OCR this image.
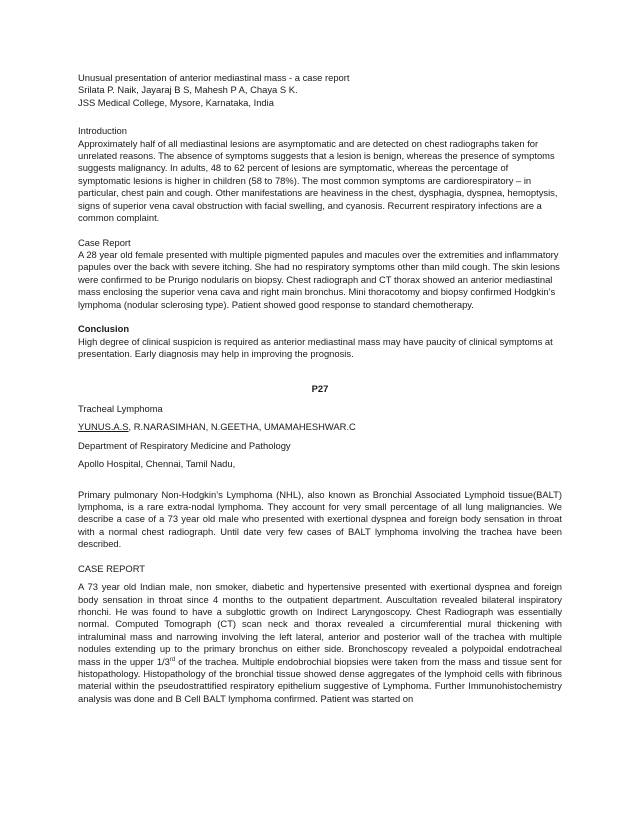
Unusual presentation of anterior mediastinal mass - a case report

Srilata P. Naik, Jayaraj B S, Mahesh P A, Chaya S K.

JSS Medical College, Mysore, Karnataka, India

Introduction

Approximately half of all mediastinal lesions are asymptomatic and are detected on chest radiographs taken for unrelated reasons. The absence of symptoms suggests that a lesion is benign, whereas the presence of symptoms suggests malignancy. In adults, 48 to 62 percent of lesions are symptomatic, whereas the percentage of symptomatic lesions is higher in children (58 to 78%). The most common symptoms are cardiorespiratory – in particular, chest pain and cough. Other manifestations are heaviness in the chest, dysphagia, dyspnea, hemoptysis, signs of superior vena caval obstruction with facial swelling, and cyanosis. Recurrent respiratory infections are a common complaint.

Case Report

A 28 year old female presented with multiple pigmented papules and macules over the extremities and inflammatory papules over the back with severe itching. She had no respiratory symptoms other than mild cough. The skin lesions were confirmed to be Prurigo nodularis on biopsy. Chest radiograph and CT thorax showed an anterior mediastinal mass enclosing the superior vena cava and right main bronchus. Mini thoracotomy and biopsy confirmed Hodgkin’s lymphoma (nodular sclerosing type). Patient showed good response to standard chemotherapy.

Conclusion

High degree of clinical suspicion is required as anterior mediastinal mass may have paucity of clinical symptoms at presentation. Early diagnosis may help in improving the prognosis.

P27

Tracheal Lymphoma

YUNUS.A.S, R.NARASIMHAN, N.GEETHA, UMAMAHESHWAR.C

Department of Respiratory Medicine and Pathology

Apollo Hospital, Chennai, Tamil Nadu,

Primary pulmonary Non-Hodgkin’s Lymphoma (NHL), also known as Bronchial Associated Lymphoid tissue(BALT) lymphoma, is a rare extra-nodal lymphoma. They account for very small percentage of all lung malignancies. We describe a case of a 73 year old male who presented with exertional dyspnea and foreign body sensation in throat with a normal chest radiograph. Until date very few cases of BALT lymphoma involving the trachea have been described.

CASE REPORT

A 73 year old Indian male, non smoker, diabetic and hypertensive presented with exertional dyspnea and foreign body sensation in throat since 4 months to the outpatient department. Auscultation revealed bilateral inspiratory rhonchi. He was found to have a subglottic growth on Indirect Laryngoscopy. Chest Radiograph was essentially normal. Computed Tomograph (CT) scan neck and thorax revealed a circumferential mural thickening with intraluminal mass and narrowing involving the left lateral, anterior and posterior wall of the trachea with multiple nodules extending up to the primary bronchus on either side. Bronchoscopy revealed a polypoidal endotracheal mass in the upper 1/3rd of the trachea. Multiple endobrochial biopsies were taken from the mass and tissue sent for histopathology. Histopathology of the bronchial tissue showed dense aggregates of the lymphoid cells with fibrinous material within the pseudostrattified respiratory epithelium suggestive of Lymphoma. Further Immunohistochemistry analysis was done and B Cell BALT lymphoma confirmed. Patient was started on
